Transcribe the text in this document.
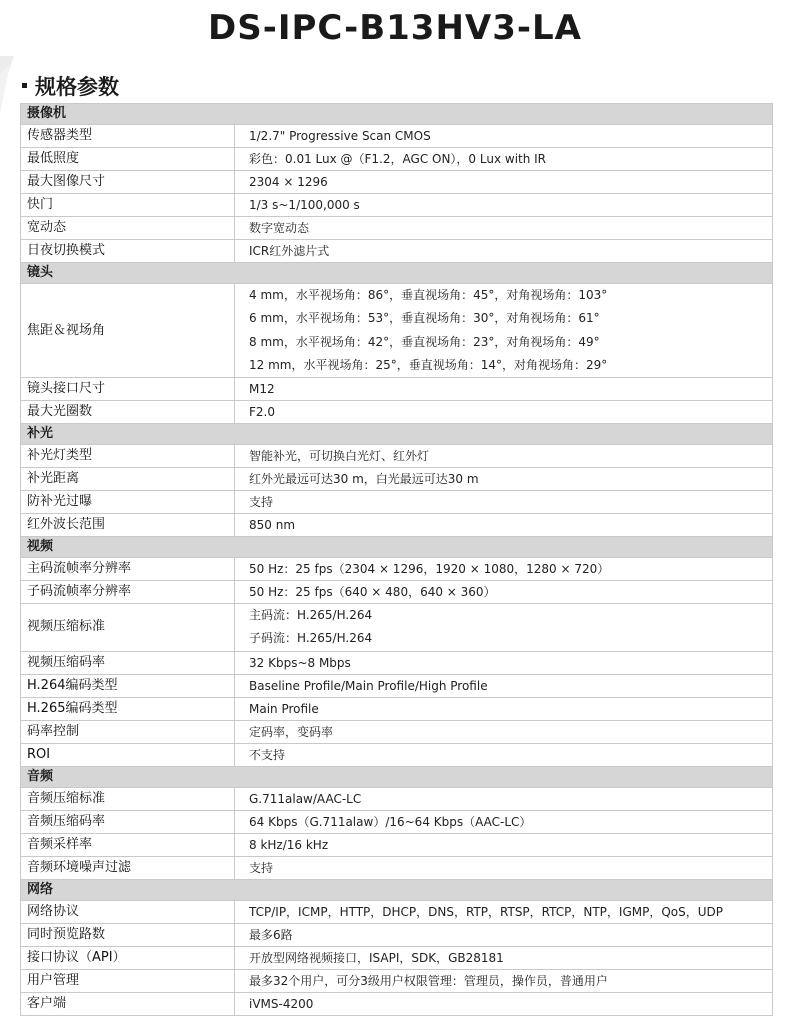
DS-IPC-B13HV3-LA
规格参数
摄像机	
传感器类型	1/2.7" Progressive Scan CMOS
最低照度	彩色：0.01 Lux @（F1.2，AGC ON），0 Lux with IR
最大图像尺寸	2304 × 1296
快门	1/3 s~1/100,000 s
宽动态	数字宽动态
日夜切换模式	ICR红外滤片式
镜头	
焦距＆视场角	4 mm，水平视场角：86°，垂直视场角：45°，对角视场角：103°
6 mm，水平视场角：53°，垂直视场角：30°，对角视场角：61°
8 mm，水平视场角：42°，垂直视场角：23°，对角视场角：49°
12 mm，水平视场角：25°，垂直视场角：14°，对角视场角：29°

镜头接口尺寸	M12
最大光圈数	F2.0
补光	
补光灯类型	智能补光，可切换白光灯、红外灯
补光距离	红外光最远可达30 m，白光最远可达30 m
防补光过曝	支持
红外波长范围	850 nm
视频	
主码流帧率分辨率	50 Hz：25 fps（2304 × 1296，1920 × 1080，1280 × 720）
子码流帧率分辨率	50 Hz：25 fps（640 × 480，640 × 360）
视频压缩标准	主码流：H.265/H.264
子码流：H.265/H.264

视频压缩码率	32 Kbps~8 Mbps
H.264编码类型	Baseline Profile/Main Profile/High Profile
H.265编码类型	Main Profile
码率控制	定码率，变码率
ROI	不支持
音频	
音频压缩标准	G.711alaw/AAC-LC
音频压缩码率	64 Kbps（G.711alaw）/16~64 Kbps（AAC-LC）
音频采样率	8 kHz/16 kHz
音频环境噪声过滤	支持
网络	
网络协议	TCP/IP，ICMP，HTTP，DHCP，DNS，RTP，RTSP，RTCP，NTP，IGMP，QoS，UDP
同时预览路数	最多6路
接口协议（API）	开放型网络视频接口，ISAPI，SDK，GB28181
用户管理	最多32个用户，可分3级用户权限管理：管理员，操作员，普通用户
客户端	iVMS-4200
